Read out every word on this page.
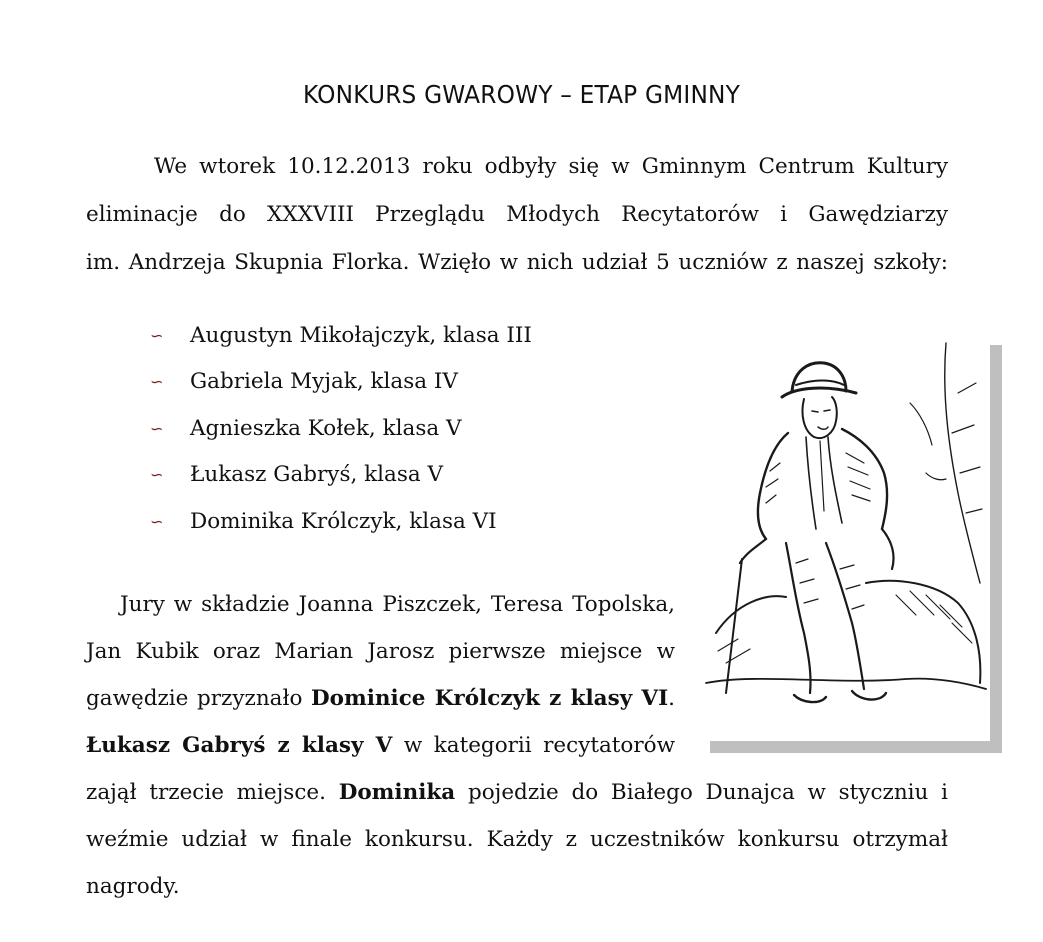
KONKURS GWAROWY – ETAP GMINNY
We wtorek 10.12.2013 roku odbyły się w Gminnym Centrum Kultury
eliminacje do XXXVIII Przeglądu Młodych Recytatorów i Gawędziarzy
im. Andrzeja Skupnia Florka. Wzięło w nich udział 5 uczniów z naszej szkoły:
∽	Augustyn Mikołajczyk, klasa III
∽	Gabriela Myjak, klasa IV
∽	Agnieszka Kołek, klasa V
∽	Łukasz Gabryś, klasa V
∽	Dominika Królczyk, klasa VI
Jury w składzie Joanna Piszczek, Teresa Topolska,
Jan Kubik oraz Marian Jarosz pierwsze miejsce w
gawędzie przyznało Dominice Królczyk z klasy VI.
Łukasz Gabryś z klasy V w kategorii recytatorów
zajął trzecie miejsce. Dominika pojedzie do Białego Dunajca w styczniu i
weźmie udział w finale konkursu. Każdy z uczestników konkursu otrzymał
nagrody.
